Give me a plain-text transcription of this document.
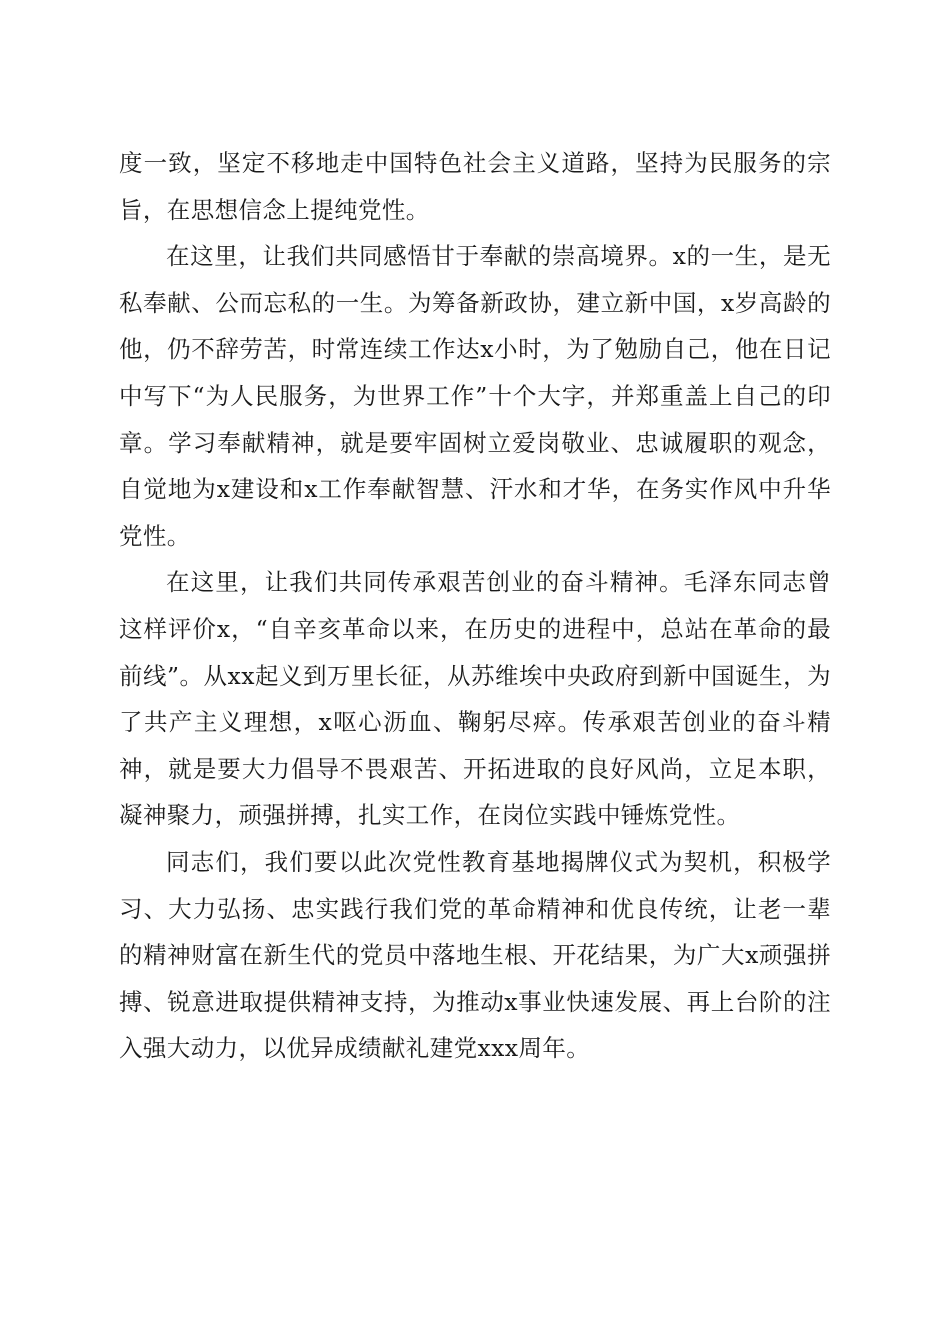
度一致，坚定不移地走中国特色社会主义道路，坚持为民服务的宗旨，在思想信念上提纯党性。

在这里，让我们共同感悟甘于奉献的崇高境界。x的一生，是无私奉献、公而忘私的一生。为筹备新政协，建立新中国，x岁高龄的他，仍不辞劳苦，时常连续工作达x小时，为了勉励自己，他在日记中写下“为人民服务，为世界工作”十个大字，并郑重盖上自己的印章。学习奉献精神，就是要牢固树立爱岗敬业、忠诚履职的观念，自觉地为x建设和x工作奉献智慧、汗水和才华，在务实作风中升华党性。

在这里，让我们共同传承艰苦创业的奋斗精神。毛泽东同志曾这样评价x，“自辛亥革命以来，在历史的进程中，总站在革命的最前线”。从xx起义到万里长征，从苏维埃中央政府到新中国诞生，为了共产主义理想，x呕心沥血、鞠躬尽瘁。传承艰苦创业的奋斗精神，就是要大力倡导不畏艰苦、开拓进取的良好风尚，立足本职，凝神聚力，顽强拼搏，扎实工作，在岗位实践中锤炼党性。

同志们，我们要以此次党性教育基地揭牌仪式为契机，积极学习、大力弘扬、忠实践行我们党的革命精神和优良传统，让老一辈的精神财富在新生代的党员中落地生根、开花结果，为广大x顽强拼搏、锐意进取提供精神支持，为推动x事业快速发展、再上台阶的注入强大动力，以优异成绩献礼建党xxx周年。
